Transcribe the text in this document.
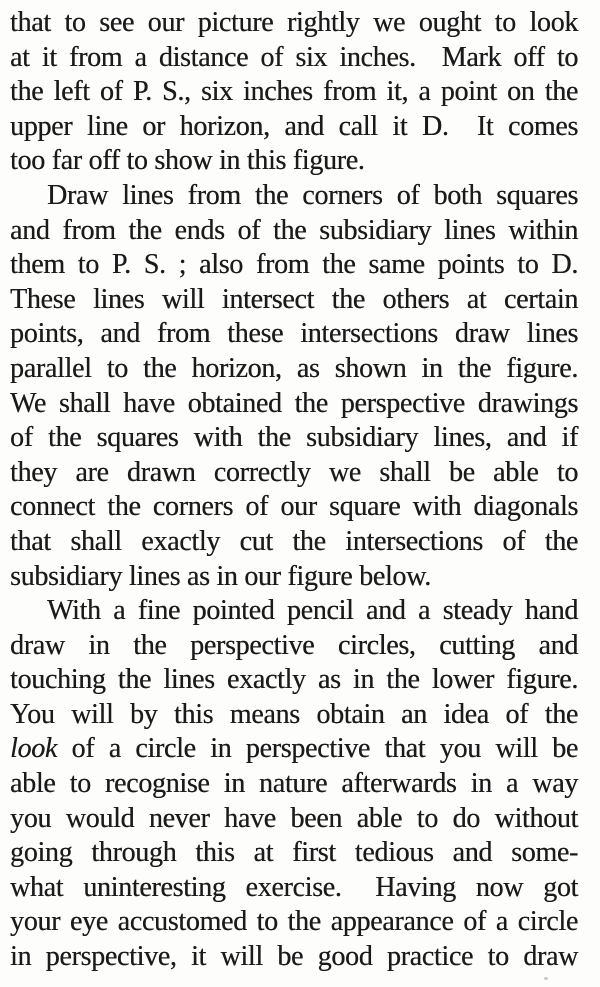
that to see our picture rightly we ought to look
at it from a distance of six inches.  Mark off to
the left of P. S., six inches from it, a point on the
upper line or horizon, and call it D.  It comes
too far off to show in this figure.
Draw lines from the corners of both squares
and from the ends of the subsidiary lines within
them to P. S. ; also from the same points to D.
These lines will intersect the others at certain
points, and from these intersections draw lines
parallel to the horizon, as shown in the figure.
We shall have obtained the perspective drawings
of the squares with the subsidiary lines, and if
they are drawn correctly we shall be able to
connect the corners of our square with diagonals
that shall exactly cut the intersections of the
subsidiary lines as in our figure below.
With a fine pointed pencil and a steady hand
draw in the perspective circles, cutting and
touching the lines exactly as in the lower figure.
You will by this means obtain an idea of the
look of a circle in perspective that you will be
able to recognise in nature afterwards in a way
you would never have been able to do without
going through this at first tedious and some-
what uninteresting exercise.  Having now got
your eye accustomed to the appearance of a circle
in perspective, it will be good practice to draw
